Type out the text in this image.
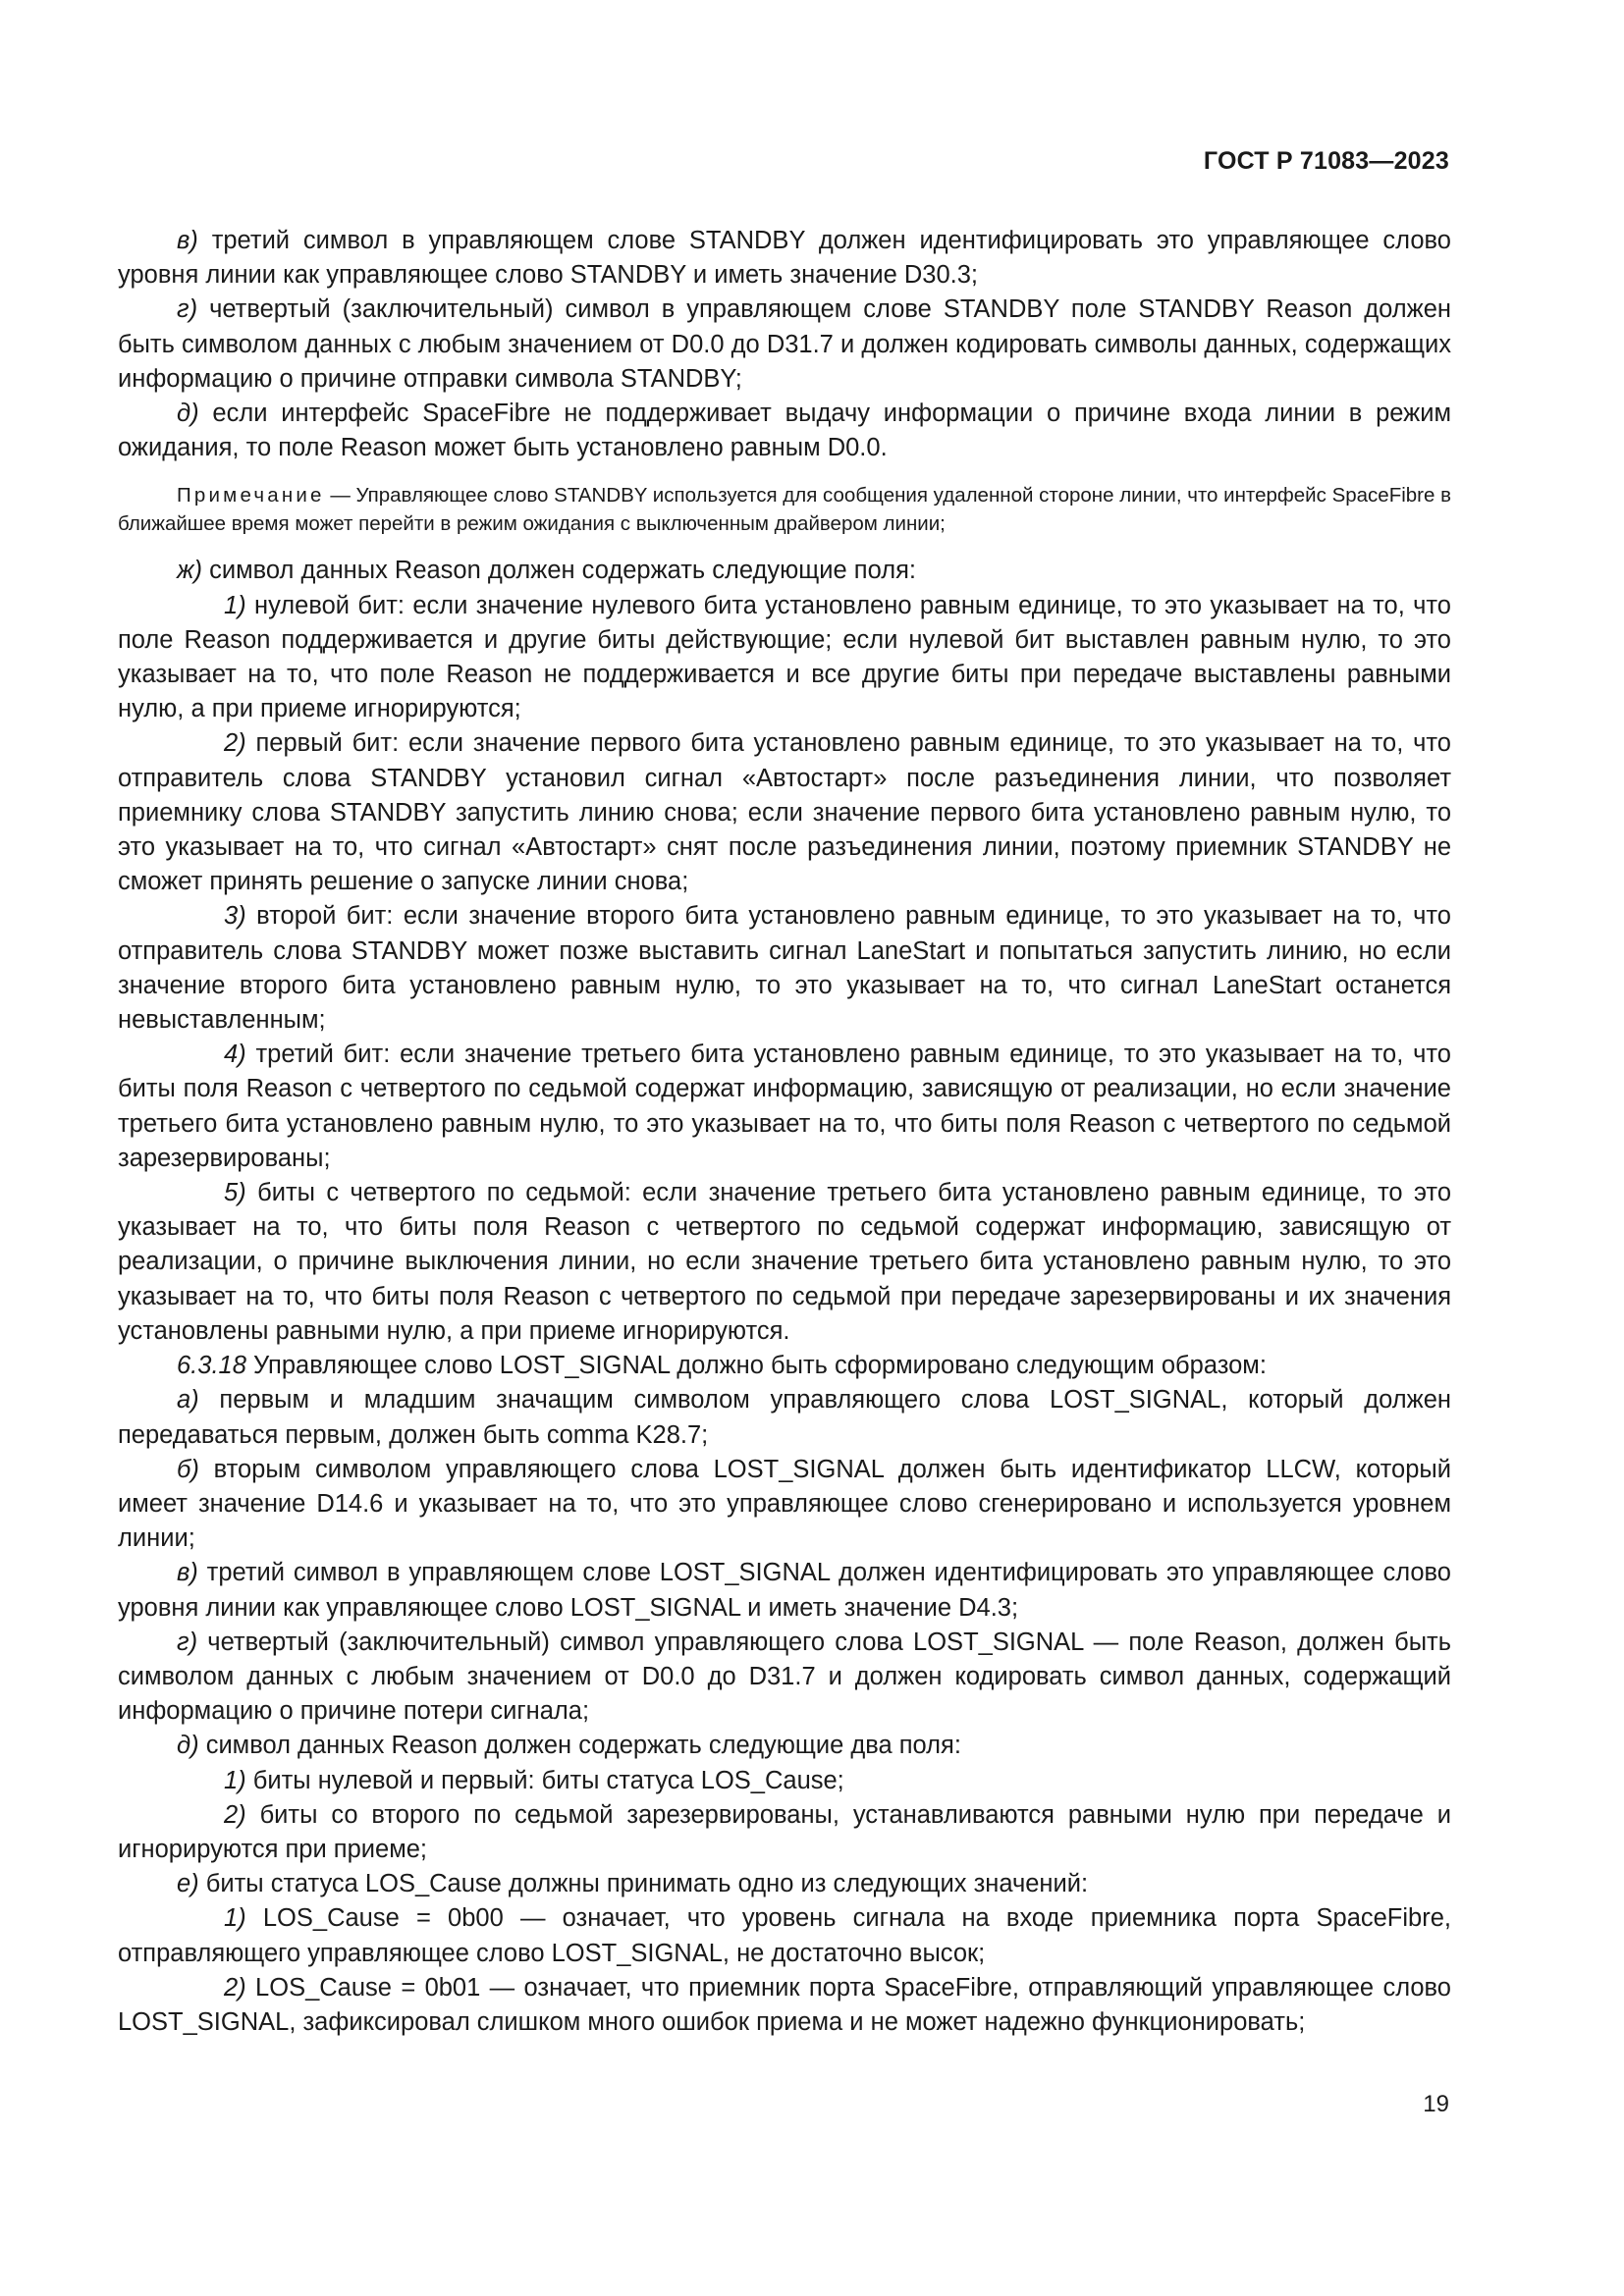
ГОСТ Р 71083—2023

в) третий символ в управляющем слове STANDBY должен идентифицировать это управляющее слово уровня линии как управляющее слово STANDBY и иметь значение D30.3;

г) четвертый (заключительный) символ в управляющем слове STANDBY поле STANDBY Reason должен быть символом данных с любым значением от D0.0 до D31.7 и должен кодировать символы данных, содержащих информацию о причине отправки символа STANDBY;

д) если интерфейс SpaceFibre не поддерживает выдачу информации о причине входа линии в режим ожидания, то поле Reason может быть установлено равным D0.0.

Примечание — Управляющее слово STANDBY используется для сообщения удаленной стороне линии, что интерфейс SpaceFibre в ближайшее время может перейти в режим ожидания с выключенным драйвером линии;

ж) символ данных Reason должен содержать следующие поля:

1) нулевой бит: если значение нулевого бита установлено равным единице, то это указывает на то, что поле Reason поддерживается и другие биты действующие; если нулевой бит выставлен равным нулю, то это указывает на то, что поле Reason не поддерживается и все другие биты при передаче выставлены равными нулю, а при приеме игнорируются;

2) первый бит: если значение первого бита установлено равным единице, то это указывает на то, что отправитель слова STANDBY установил сигнал «Автостарт» после разъединения линии, что позволяет приемнику слова STANDBY запустить линию снова; если значение первого бита установлено равным нулю, то это указывает на то, что сигнал «Автостарт» снят после разъединения линии, поэтому приемник STANDBY не сможет принять решение о запуске линии снова;

3) второй бит: если значение второго бита установлено равным единице, то это указывает на то, что отправитель слова STANDBY может позже выставить сигнал LaneStart и попытаться запустить линию, но если значение второго бита установлено равным нулю, то это указывает на то, что сигнал LaneStart останется невыставленным;

4) третий бит: если значение третьего бита установлено равным единице, то это указывает на то, что биты поля Reason с четвертого по седьмой содержат информацию, зависящую от реализации, но если значение третьего бита установлено равным нулю, то это указывает на то, что биты поля Reason с четвертого по седьмой зарезервированы;

5) биты с четвертого по седьмой: если значение третьего бита установлено равным единице, то это указывает на то, что биты поля Reason с четвертого по седьмой содержат информацию, зависящую от реализации, о причине выключения линии, но если значение третьего бита установлено равным нулю, то это указывает на то, что биты поля Reason с четвертого по седьмой при передаче зарезервированы и их значения установлены равными нулю, а при приеме игнорируются.

6.3.18 Управляющее слово LOST_SIGNAL должно быть сформировано следующим образом:

а) первым и младшим значащим символом управляющего слова LOST_SIGNAL, который должен передаваться первым, должен быть comma K28.7;

б) вторым символом управляющего слова LOST_SIGNAL должен быть идентификатор LLCW, который имеет значение D14.6 и указывает на то, что это управляющее слово сгенерировано и используется уровнем линии;

в) третий символ в управляющем слове LOST_SIGNAL должен идентифицировать это управляющее слово уровня линии как управляющее слово LOST_SIGNAL и иметь значение D4.3;

г) четвертый (заключительный) символ управляющего слова LOST_SIGNAL — поле Reason, должен быть символом данных с любым значением от D0.0 до D31.7 и должен кодировать символ данных, содержащий информацию о причине потери сигнала;

д) символ данных Reason должен содержать следующие два поля:

1) биты нулевой и первый: биты статуса LOS_Cause;

2) биты со второго по седьмой зарезервированы, устанавливаются равными нулю при передаче и игнорируются при приеме;

е) биты статуса LOS_Cause должны принимать одно из следующих значений:

1) LOS_Cause = 0b00 — означает, что уровень сигнала на входе приемника порта SpaceFibre, отправляющего управляющее слово LOST_SIGNAL, не достаточно высок;

2) LOS_Cause = 0b01 — означает, что приемник порта SpaceFibre, отправляющий управляющее слово LOST_SIGNAL, зафиксировал слишком много ошибок приема и не может надежно функционировать;

19
